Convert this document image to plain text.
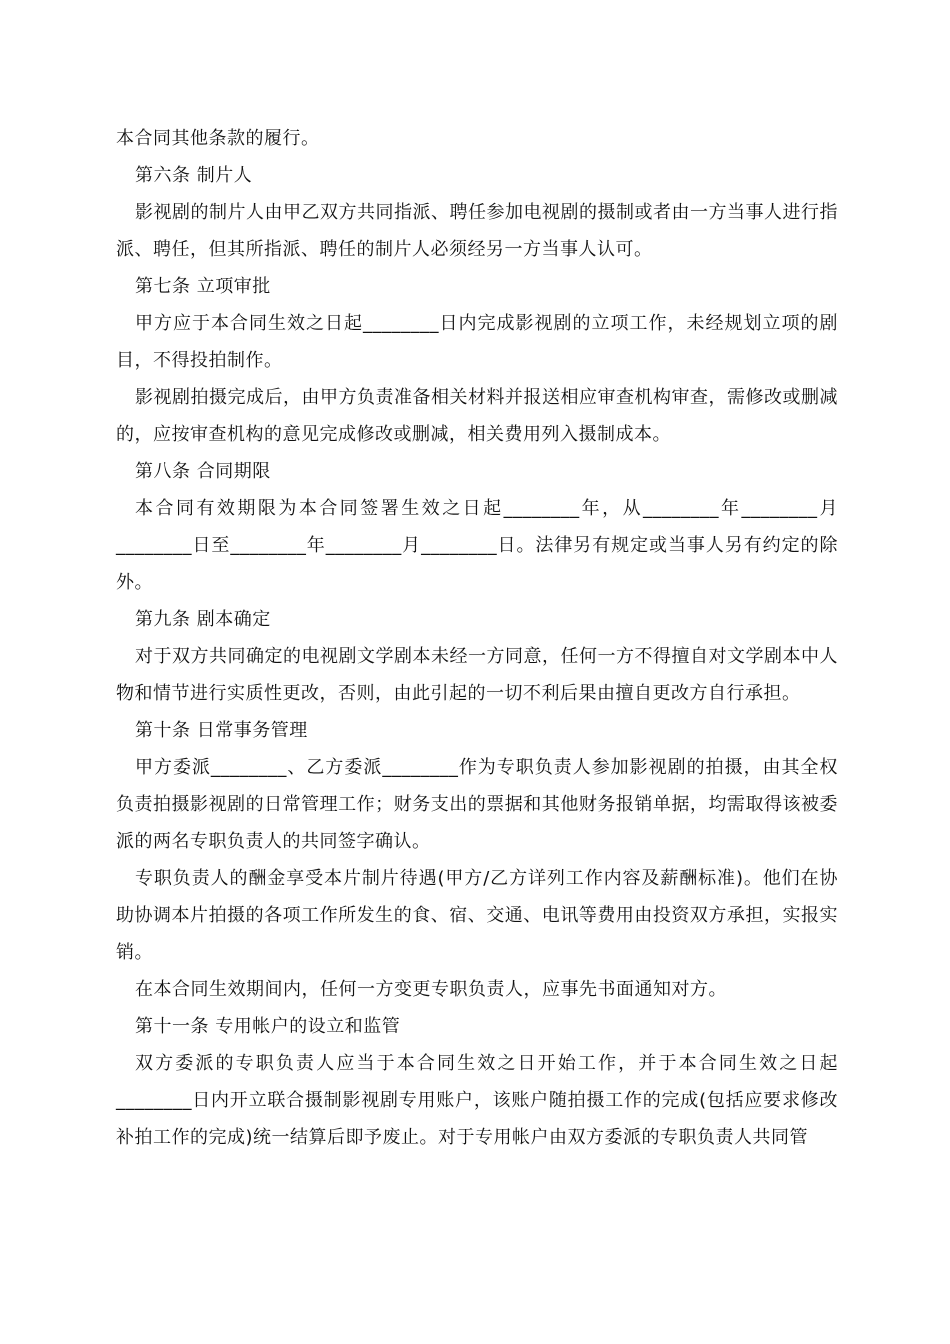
本合同其他条款的履行。

第六条 制片人

影视剧的制片人由甲乙双方共同指派、聘任参加电视剧的摄制或者由一方当事人进行指派、聘任，但其所指派、聘任的制片人必须经另一方当事人认可。

第七条 立项审批

甲方应于本合同生效之日起________日内完成影视剧的立项工作，未经规划立项的剧目，不得投拍制作。

影视剧拍摄完成后，由甲方负责准备相关材料并报送相应审查机构审查，需修改或删减的，应按审查机构的意见完成修改或删减，相关费用列入摄制成本。

第八条 合同期限

本合同有效期限为本合同签署生效之日起________年，从________年________月________日至________年________月________日。法律另有规定或当事人另有约定的除外。

第九条 剧本确定

对于双方共同确定的电视剧文学剧本未经一方同意，任何一方不得擅自对文学剧本中人物和情节进行实质性更改，否则，由此引起的一切不利后果由擅自更改方自行承担。

第十条 日常事务管理

甲方委派________、乙方委派________作为专职负责人参加影视剧的拍摄，由其全权负责拍摄影视剧的日常管理工作；财务支出的票据和其他财务报销单据，均需取得该被委派的两名专职负责人的共同签字确认。

专职负责人的酬金享受本片制片待遇(甲方/乙方详列工作内容及薪酬标准)。他们在协助协调本片拍摄的各项工作所发生的食、宿、交通、电讯等费用由投资双方承担，实报实销。

在本合同生效期间内，任何一方变更专职负责人，应事先书面通知对方。

第十一条 专用帐户的设立和监管

双方委派的专职负责人应当于本合同生效之日开始工作，并于本合同生效之日起________日内开立联合摄制影视剧专用账户，该账户随拍摄工作的完成(包括应要求修改补拍工作的完成)统一结算后即予废止。对于专用帐户由双方委派的专职负责人共同管
